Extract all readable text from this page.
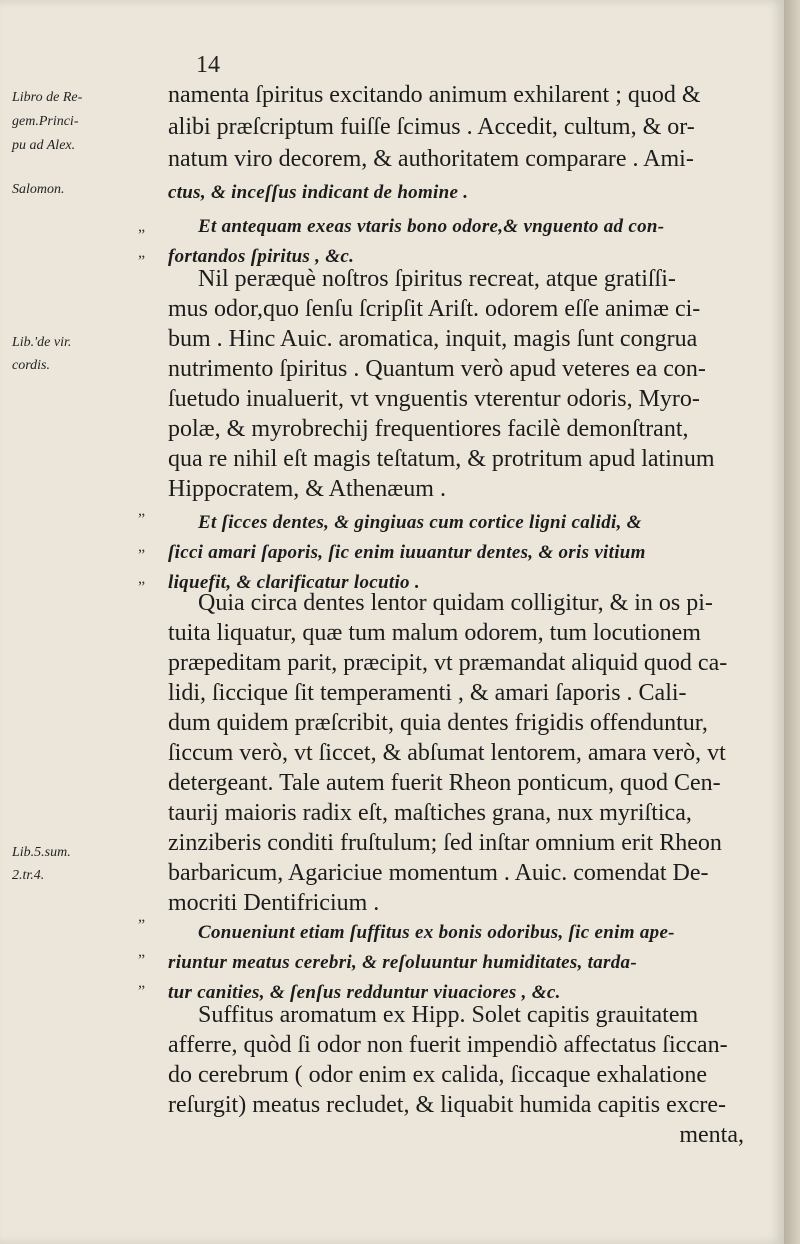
14
Libro de Re-
gem.Princi-
pu ad Alex.
Salomon.
Lib.'de vir.
cordis.
Lib.5.sum.
2.tr.4.
„
„
„
„
„
„
„
„
namenta ſpiritus excitando animum exhilarent ; quod &
alibi præſcriptum fuiſſe ſcimus . Accedit, cultum, & or-
natum viro decorem, & authoritatem comparare . Ami-
ctus, & inceſſus indicant de homine .
Et antequam exeas vtaris bono odore,& vnguento ad con-
fortandos ſpiritus , &c.
Nil peræquè noſtros ſpiritus recreat, atque gratiſſi-
mus odor,quo ſenſu ſcripſit Ariſt. odorem eſſe animæ ci-
bum . Hinc Auic. aromatica, inquit, magis ſunt congrua
nutrimento ſpiritus . Quantum verò apud veteres ea con-
ſuetudo inualuerit, vt vnguentis vterentur odoris, Myro-
polæ, & myrobrechij frequentiores facilè demonſtrant,
qua re nihil eſt magis teſtatum, & protritum apud latinum
Hippocratem, & Athenæum .
Et ſicces dentes, & gingiuas cum cortice ligni calidi, &
ſicci amari ſaporis, ſic enim iuuantur dentes, & oris vitium
liquefit, & clarificatur locutio .
Quia circa dentes lentor quidam colligitur, & in os pi-
tuita liquatur, quæ tum malum odorem, tum locutionem
præpeditam parit, præcipit, vt præmandat aliquid quod ca-
lidi, ſiccique ſit temperamenti , & amari ſaporis . Cali-
dum quidem præſcribit, quia dentes frigidis offenduntur,
ſiccum verò, vt ſiccet, & abſumat lentorem, amara verò, vt
detergeant. Tale autem fuerit Rheon ponticum, quod Cen-
taurij maioris radix eſt, maſtiches grana, nux myriſtica,
zinziberis conditi fruſtulum; ſed inſtar omnium erit Rheon
barbaricum, Agariciue momentum . Auic. comendat De-
mocriti Dentifricium .
Conueniunt etiam ſuffitus ex bonis odoribus, ſic enim ape-
riuntur meatus cerebri, & reſoluuntur humiditates, tarda-
tur canities, & ſenſus redduntur viuaciores , &c.
Suffitus aromatum ex Hipp. Solet capitis grauitatem
afferre, quòd ſi odor non fuerit impendiò affectatus ſiccan-
do cerebrum ( odor enim ex calida, ſiccaque exhalatione
reſurgit) meatus recludet, & liquabit humida capitis excre-
menta,
